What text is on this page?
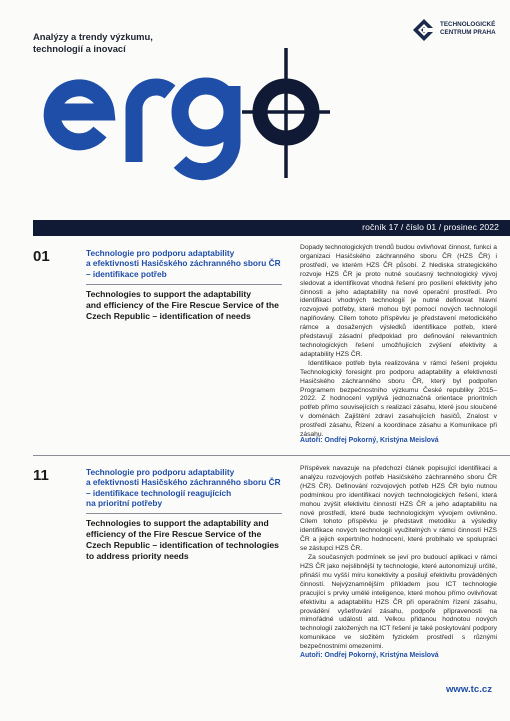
Analýzy a trendy výzkumu,
technologií a inovací
TECHNOLOGICKÉ
CENTRUM PRAHA
ročník 17 / číslo 01 / prosinec 2022
01	Technologie pro podporu adaptability
a efektivnosti Hasičského záchranného sboru ČR
– identifikace potřeb
Technologies to support the adaptability
and efficiency of the Fire Rescue Service of the
Czech Republic – identification of needs

Dopady technologických trendů budou ovlivňovat činnost, funkci a organizaci Hasičského záchranného sboru ČR (HZS ČR) i prostředí, ve kterém HZS ČR působí. Z hlediska strategického rozvoje HZS ČR je proto nutné současný technologický vývoj sledovat a identifikovat vhodná řešení pro posílení efektivity jeho činnosti a jeho adaptability na nové operační prostředí. Pro identifikaci vhodných technologií je nutné definovat hlavní rozvojové potřeby, které mohou být pomocí nových technologií naplňovány. Cílem tohoto příspěvku je představení metodického rámce a dosažených výsledků identifikace potřeb, které představují zásadní předpoklad pro definování relevantních technologických řešení umožňujících zvýšení efektivity a adaptability HZS ČR.

Identifikace potřeb byla realizována v rámci řešení projektu Technologický foresight pro podporu adaptability a efektivnosti Hasičského záchranného sboru ČR, který byl podpořen Programem bezpečnostního výzkumu České republiky 2015–2022. Z hodnocení vyplývá jednoznačná orientace prioritních potřeb přímo souvisejících s realizací zásahu, které jsou sloučené v doménách Zajištění zdraví zasahujících hasičů, Znalost v prostředí zásahu, Řízení a koordinace zásahu a Komunikace při zásahu.

Autoři: Ondřej Pokorný, Kristýna Meislová
11	Technologie pro podporu adaptability
a efektivnosti Hasičského záchranného sboru ČR
– identifikace technologií reagujících
na prioritní potřeby
Technologies to support the adaptability and
efficiency of the Fire Rescue Service of the
Czech Republic – identification of technologies
to address priority needs

Příspěvek navazuje na předchozí článek popisující identifikaci a analýzu rozvojových potřeb Hasičského záchranného sboru ČR (HZS ČR). Definování rozvojových potřeb HZS ČR bylo nutnou podmínkou pro identifikaci nových technologických řešení, která mohou zvýšit efektivitu činností HZS ČR a jeho adaptabilitu na nové prostředí, které bude technologickým vývojem ovlivněno. Cílem tohoto příspěvku je představit metodiku a výsledky identifikace nových technologií využitelných v rámci činností HZS ČR a jejich expertního hodnocení, které probíhalo ve spolupráci se zástupci HZS ČR.

Za současných podmínek se jeví pro budoucí aplikaci v rámci HZS ČR jako nejslibnější ty technologie, které autonomizují určité, přináší mu vyšší míru konektivity a posilují efektivitu prováděných činností. Nejvýznamnějším příkladem jsou ICT technologie pracující s prvky umělé inteligence, které mohou přímo ovlivňovat efektivitu a adaptabilitu HZS ČR při operačním řízení zásahu, provádění vyšetřování zásahu, podpoře připravenosti na mimořádné události atd. Velkou přidanou hodnotou nových technologií založených na ICT řešení je také poskytování podpory komunikace ve složitém fyzickém prostředí s různými bezpečnostními omezeními.

Autoři: Ondřej Pokorný, Kristýna Meislová
www.tc.cz
